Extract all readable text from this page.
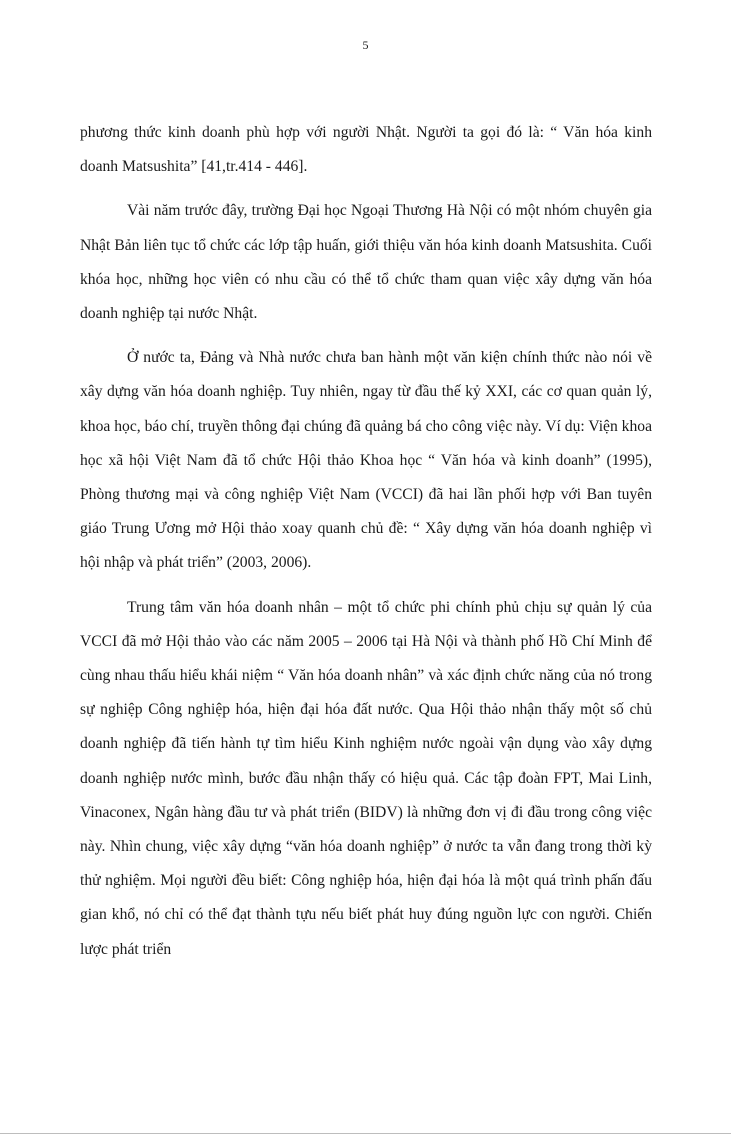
5

phương thức kinh doanh phù hợp với người Nhật. Người ta gọi đó là: “ Văn hóa kinh doanh Matsushita” [41,tr.414 - 446].

Vài năm trước đây, trường Đại học Ngoại Thương Hà Nội có một nhóm chuyên gia Nhật Bản liên tục tổ chức các lớp tập huấn, giới thiệu văn hóa kinh doanh Matsushita. Cuối khóa học, những học viên có nhu cầu có thể tổ chức tham quan việc xây dựng văn hóa doanh nghiệp tại nước Nhật.

Ở nước ta, Đảng và Nhà nước chưa ban hành một văn kiện chính thức nào nói về xây dựng văn hóa doanh nghiệp. Tuy nhiên, ngay từ đầu thế kỷ XXI, các cơ quan quản lý, khoa học, báo chí, truyền thông đại chúng đã quảng bá cho công việc này. Ví dụ: Viện khoa học xã hội Việt Nam đã tổ chức Hội thảo Khoa học “ Văn hóa và kinh doanh” (1995), Phòng thương mại và công nghiệp Việt Nam (VCCI) đã hai lần phối hợp với Ban tuyên giáo Trung Ương mở Hội thảo xoay quanh chủ đề: “ Xây dựng văn hóa doanh nghiệp vì hội nhập và phát triển” (2003, 2006).

Trung tâm văn hóa doanh nhân – một tổ chức phi chính phủ chịu sự quản lý của VCCI đã mở Hội thảo vào các năm 2005 – 2006 tại Hà Nội và thành phố Hồ Chí Minh để cùng nhau thấu hiểu khái niệm “ Văn hóa doanh nhân” và xác định chức năng của nó trong sự nghiệp Công nghiệp hóa, hiện đại hóa đất nước. Qua Hội thảo nhận thấy một số chủ doanh nghiệp đã tiến hành tự tìm hiểu Kinh nghiệm nước ngoài vận dụng vào xây dựng doanh nghiệp nước mình, bước đầu nhận thấy có hiệu quả. Các tập đoàn FPT, Mai Linh, Vinaconex, Ngân hàng đầu tư và phát triển (BIDV) là những đơn vị đi đầu trong công việc này. Nhìn chung, việc xây dựng “văn hóa doanh nghiệp” ở nước ta vẫn đang trong thời kỳ thử nghiệm. Mọi người đều biết: Công nghiệp hóa, hiện đại hóa là một quá trình phấn đấu gian khổ, nó chỉ có thể đạt thành tựu nếu biết phát huy đúng nguồn lực con người. Chiến lược phát triển
